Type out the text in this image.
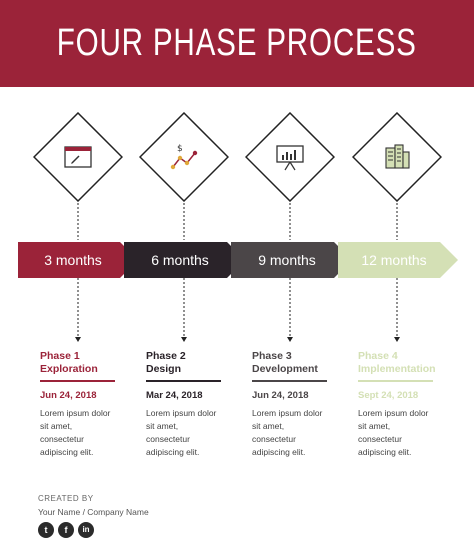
FOUR PHASE PROCESS
$
3 months	6 months	9 months	12 months
Phase 1
Exploration
Jun 24, 2018
Lorem ipsum dolor
sit amet,
consectetur
adipiscing elit.
Phase 2
Design
Mar 24, 2018
Lorem ipsum dolor
sit amet,
consectetur
adipiscing elit.
Phase 3
Development
Jun 24, 2018
Lorem ipsum dolor
sit amet,
consectetur
adipiscing elit.
Phase 4
Implementation
Sept 24, 2018
Lorem ipsum dolor
sit amet,
consectetur
adipiscing elit.
CREATED BY
Your Name / Company Name
t	f	in
